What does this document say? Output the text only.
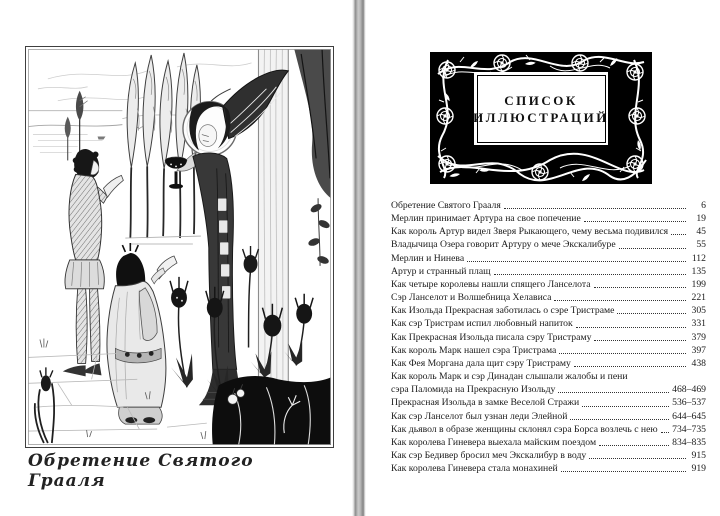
Обретение Святого Грааля
СПИСОК
ИЛЛЮСТРАЦИЙ
Обретение Святого Грааля	6
Мерлин принимает Артура на свое попечение	19
Как король Артур видел Зверя Рыкающего, чему весьма подивился	45
Владычица Озера говорит Артуру о мече Экскалибуре	55
Мерлин и Нинева	112
Артур и странный плащ	135
Как четыре королевы нашли спящего Ланселота	199
Сэр Ланселот и Волшебница Хелависа	221
Как Изольда Прекрасная заботилась о сэре Тристраме	305
Как сэр Тристрам испил любовный напиток	331
Как Прекрасная Изольда писала сэру Тристраму	379
Как король Марк нашел сэра Тристрама	397
Как Фея Моргана дала щит сэру Тристраму	438
Как король Марк и сэр Динадан слышали жалобы и пени
сэра Паломида на Прекрасную Изольду	468–469
Прекрасная Изольда в замке Веселой Стражи	536–537
Как сэр Ланселот был узнан леди Элейной	644–645
Как дьявол в образе женщины склонял сэра Борса возлечь с нею 734–735
Как королева Гиневера выехала майским поездом	834–835
Как сэр Бедивер бросил меч Экскалибур в воду	915
Как королева Гиневера стала монахиней	919
